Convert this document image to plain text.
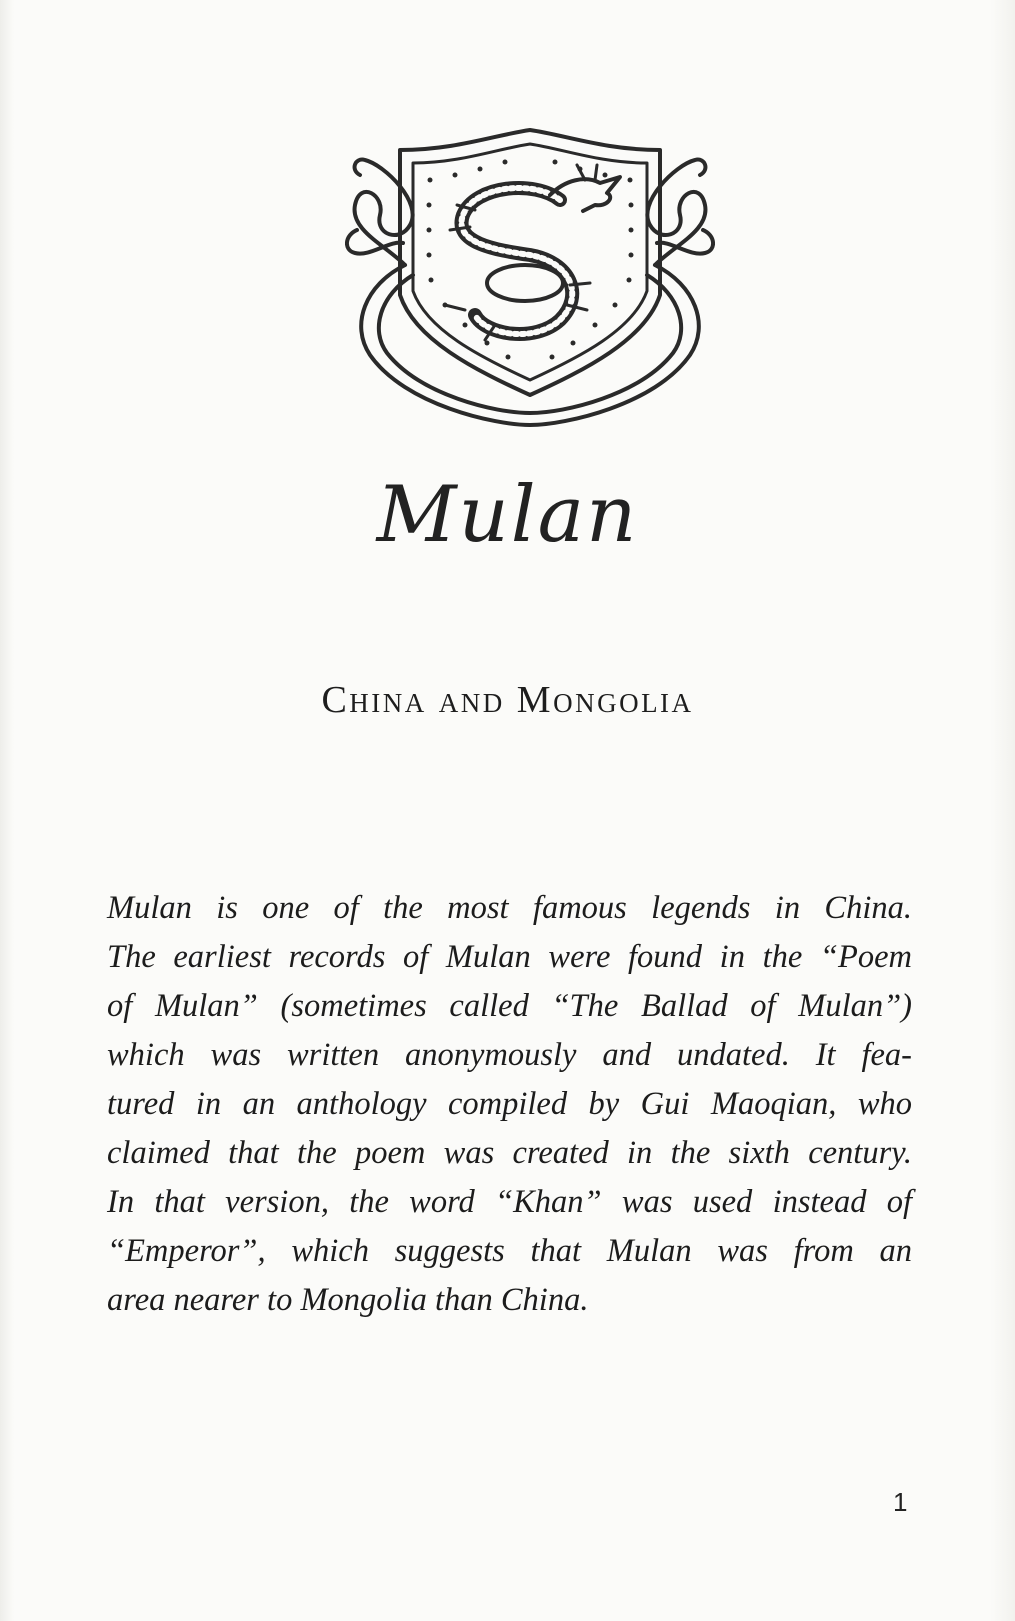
Mulan
China and Mongolia
Mulan is one of the most famous legends in China.
The earliest records of Mulan were found in the “Poem
of Mulan” (sometimes called “The Ballad of Mulan”)
which was written anonymously and undated. It fea-
tured in an anthology compiled by Gui Maoqian, who
claimed that the poem was created in the sixth century.
In that version, the word “Khan” was used instead of
“Emperor”, which suggests that Mulan was from an
area nearer to Mongolia than China.
1
